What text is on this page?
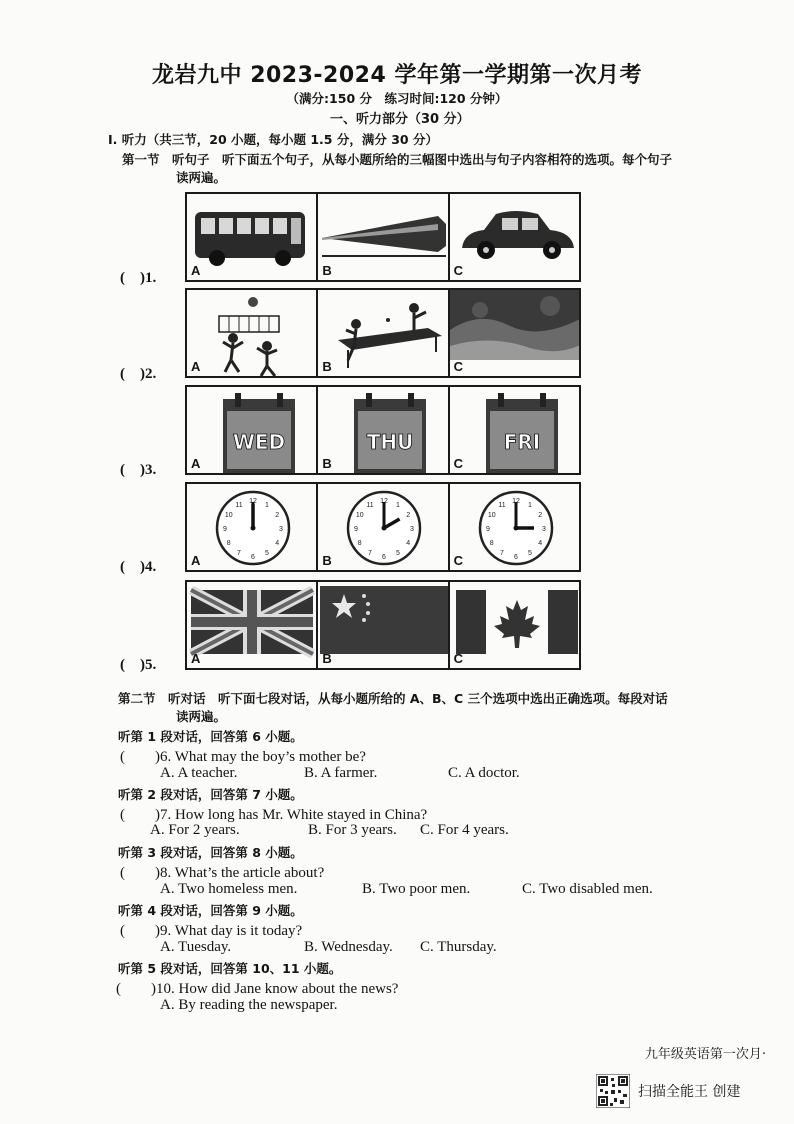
龙岩九中 2023-2024 学年第一学期第一次月考
（满分:150 分　练习时间:120 分钟）
一、听力部分（30 分）
I. 听力（共三节，20 小题，每小题 1.5 分，满分 30 分）
第一节　听句子　听下面五个句子，从每小题所给的三幅图中选出与句子内容相符的选项。每个句子
读两遍。
A	B	C
(　)1.
A	B	C
(　)2.
WED
A
THU
B
FRI
C
(　)3.
1
2
3
4
5
6
7
8
9
10
11
12
A
1
2
3
4
5
6
7
8
9
10
11
12
B
1
2
3
4
5
6
7
8
9
10
11
12
C
(　)4.
A	B	C
(　)5.
第二节　听对话　听下面七段对话，从每小题所给的 A、B、C 三个选项中选出正确选项。每段对话
读两遍。
听第 1 段对话，回答第 6 小题。
(　　)6. What may the boy’s mother be?
A. A teacher.	B. A farmer.	C. A doctor.
听第 2 段对话，回答第 7 小题。
(　　)7. How long has Mr. White stayed in China?
A. For 2 years.	B. For 3 years. C. For 4 years.
听第 3 段对话，回答第 8 小题。
(　　)8. What’s the article about?
A. Two homeless men.	B. Two poor men.	C. Two disabled men.
听第 4 段对话，回答第 9 小题。
(　　)9. What day is it today?
A. Tuesday.	B. Wednesday. C. Thursday.
听第 5 段对话，回答第 10、11 小题。
(　　)10. How did Jane know about the news?
A. By reading the newspaper.
九年级英语第一次月·
扫描全能王 创建
